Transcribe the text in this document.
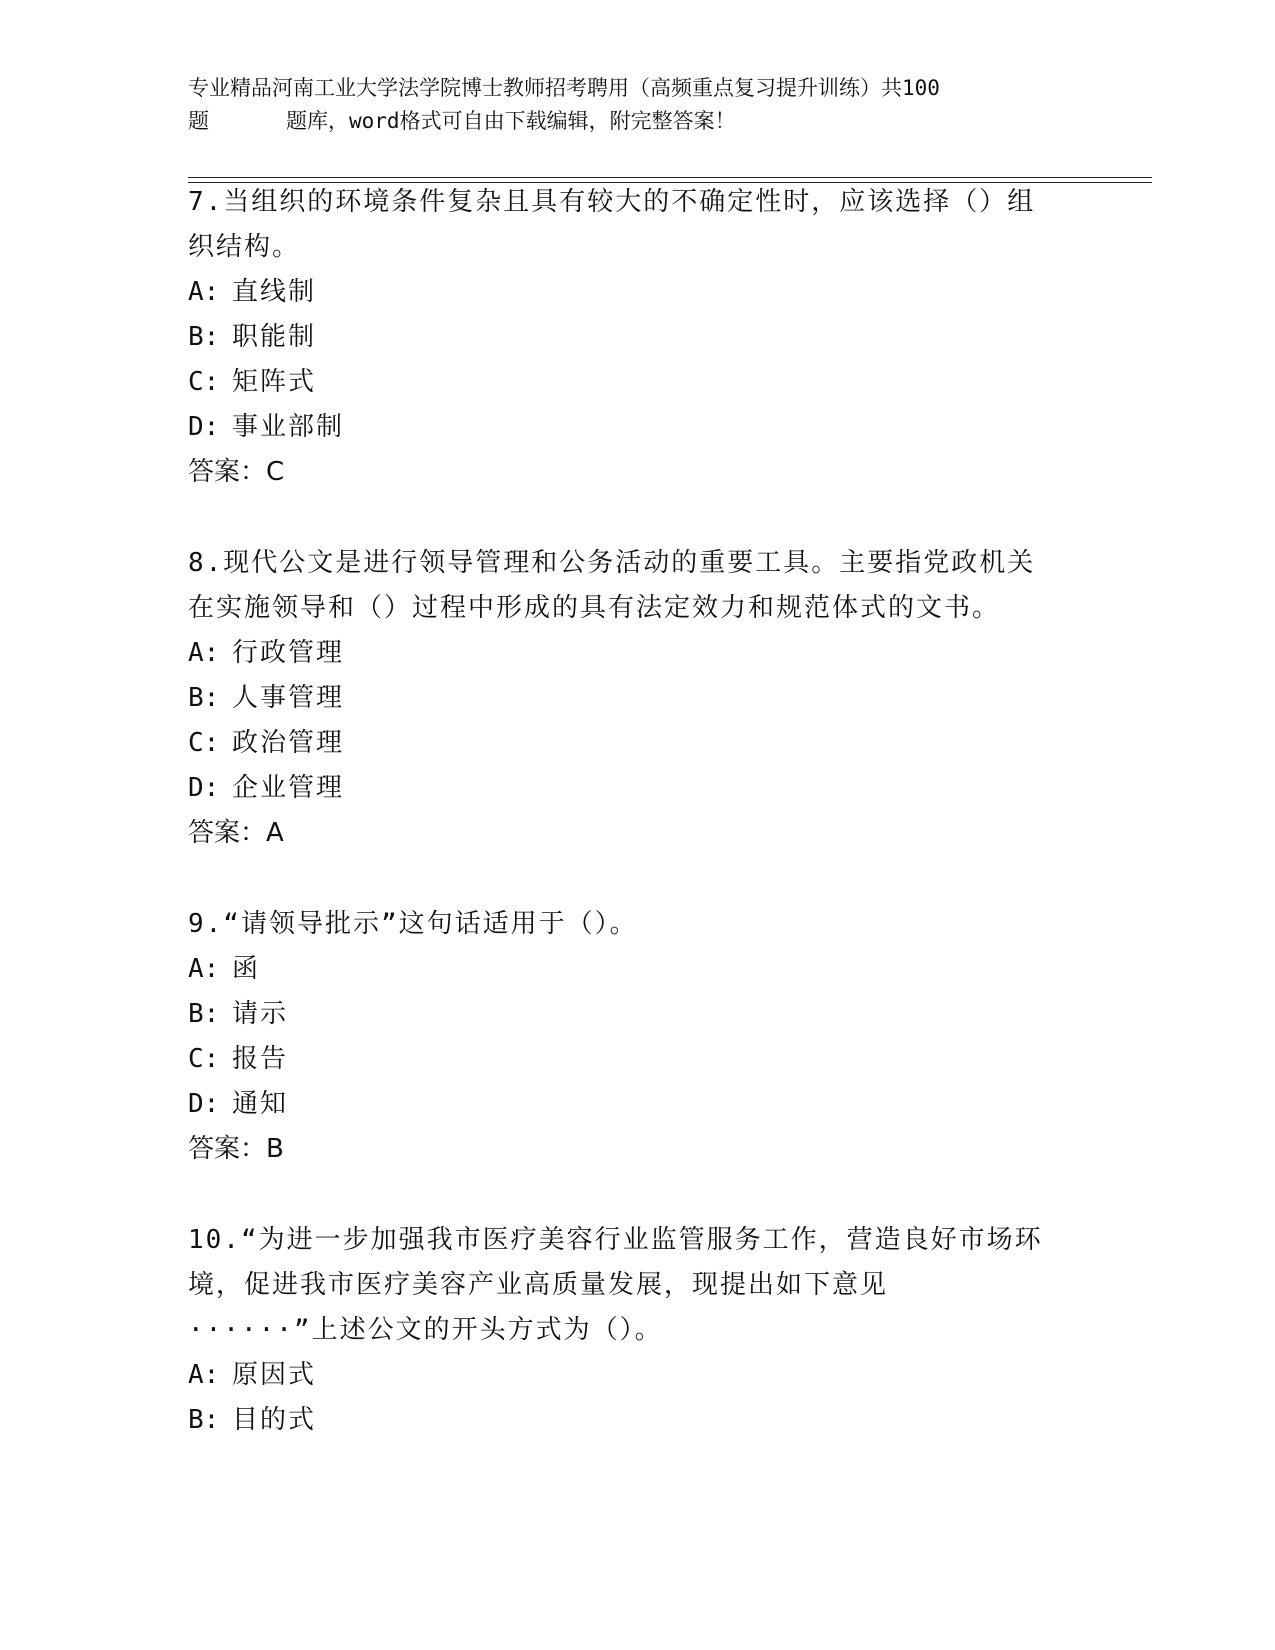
专业精品河南工业大学法学院博士教师招考聘用（高频重点复习提升训练）共100
题	题库，word格式可自由下载编辑，附完整答案！
7.当组织的环境条件复杂且具有较大的不确定性时，应该选择（）组
织结构。
A: 直线制
B: 职能制
C: 矩阵式
D: 事业部制
答案：C
8.现代公文是进行领导管理和公务活动的重要工具。主要指党政机关
在实施领导和（）过程中形成的具有法定效力和规范体式的文书。
A: 行政管理
B: 人事管理
C: 政治管理
D: 企业管理
答案：A
9.“请领导批示”这句话适用于（）。
A: 函
B: 请示
C: 报告
D: 通知
答案：B
10.“为进一步加强我市医疗美容行业监管服务工作，营造良好市场环
境，促进我市医疗美容产业高质量发展，现提出如下意见
······”上述公文的开头方式为（）。
A: 原因式
B: 目的式
